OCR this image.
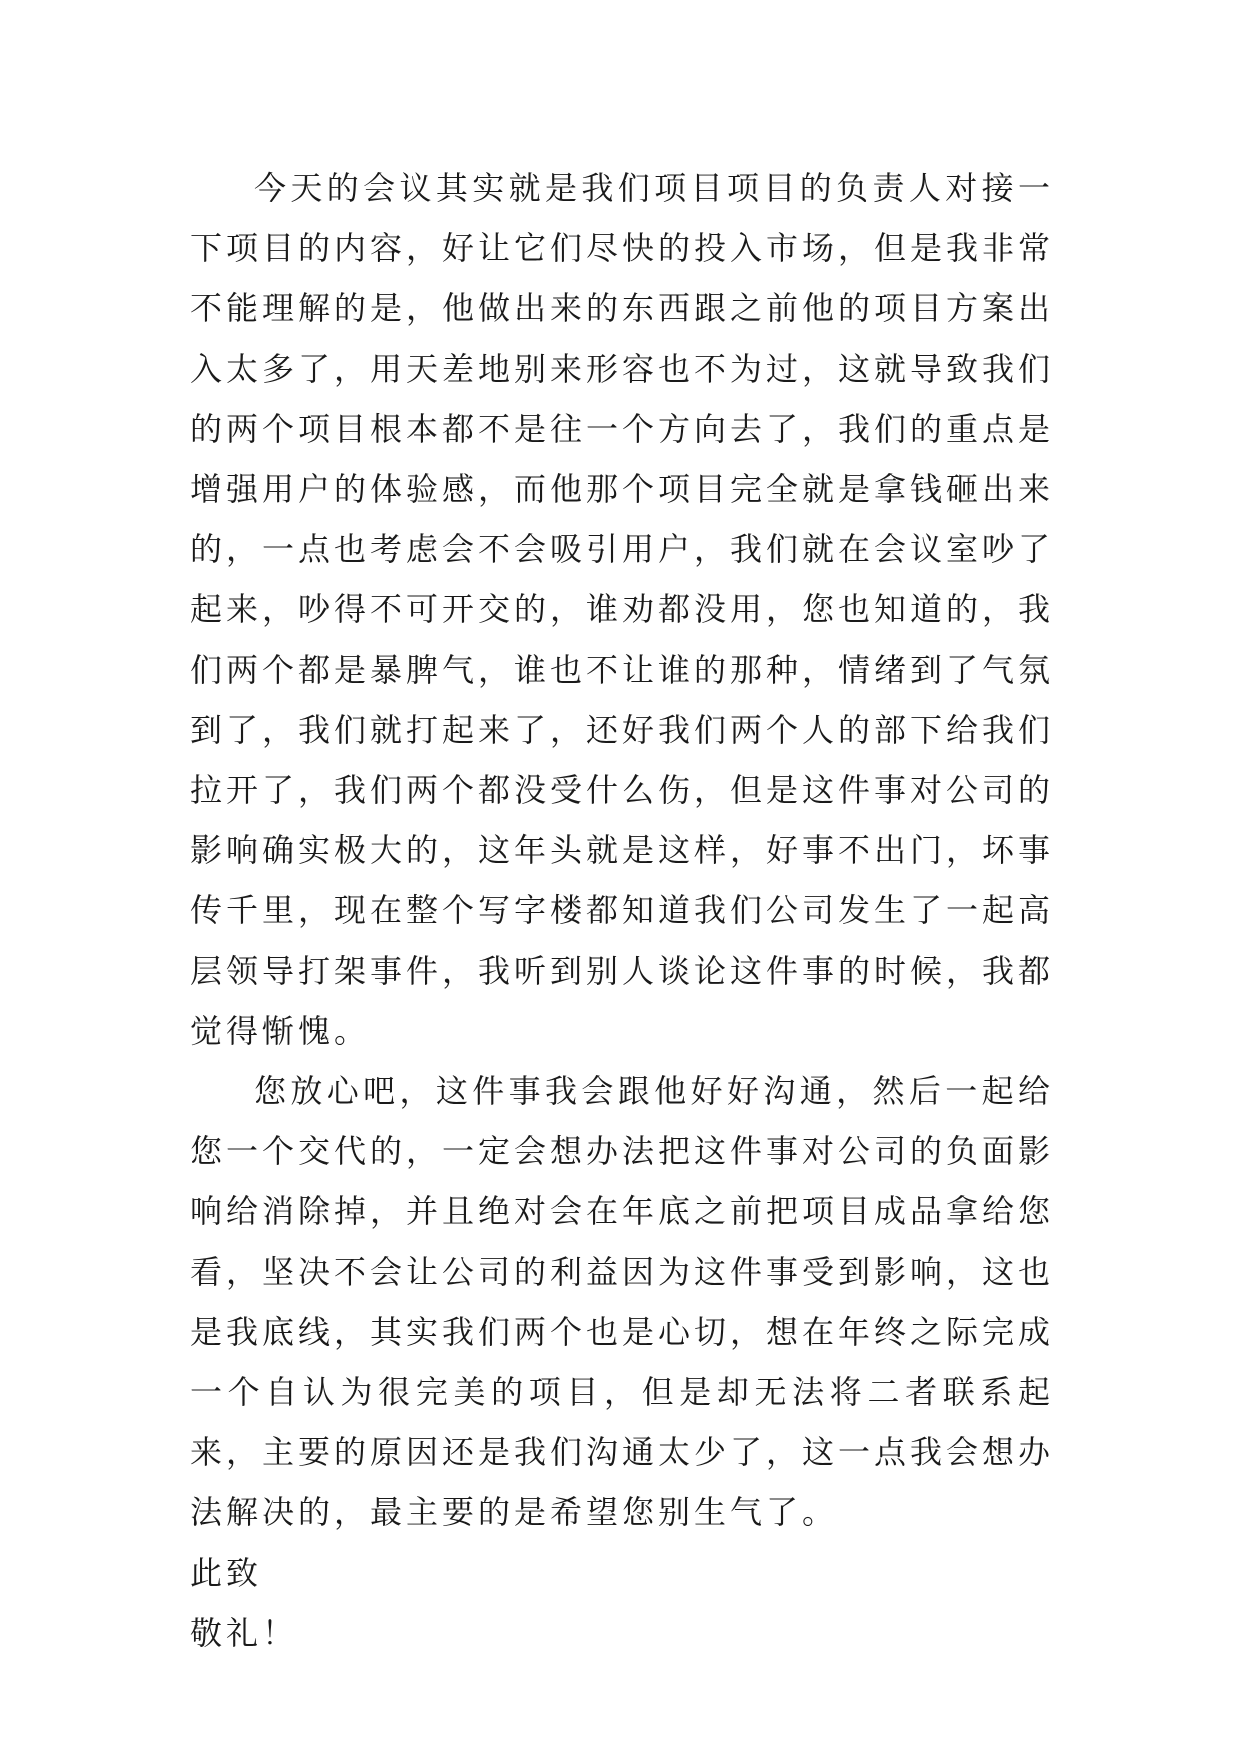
今天的会议其实就是我们项目项目的负责人对接一下项目的内容，好让它们尽快的投入市场，但是我非常不能理解的是，他做出来的东西跟之前他的项目方案出入太多了，用天差地别来形容也不为过，这就导致我们的两个项目根本都不是往一个方向去了，我们的重点是增强用户的体验感，而他那个项目完全就是拿钱砸出来的，一点也考虑会不会吸引用户，我们就在会议室吵了起来，吵得不可开交的，谁劝都没用，您也知道的，我们两个都是暴脾气，谁也不让谁的那种，情绪到了气氛到了，我们就打起来了，还好我们两个人的部下给我们拉开了，我们两个都没受什么伤，但是这件事对公司的影响确实极大的，这年头就是这样，好事不出门，坏事传千里，现在整个写字楼都知道我们公司发生了一起高层领导打架事件，我听到别人谈论这件事的时候，我都觉得惭愧。

您放心吧，这件事我会跟他好好沟通，然后一起给您一个交代的，一定会想办法把这件事对公司的负面影响给消除掉，并且绝对会在年底之前把项目成品拿给您看，坚决不会让公司的利益因为这件事受到影响，这也是我底线，其实我们两个也是心切，想在年终之际完成一个自认为很完美的项目，但是却无法将二者联系起来，主要的原因还是我们沟通太少了，这一点我会想办法解决的，最主要的是希望您别生气了。

此致

敬礼！
